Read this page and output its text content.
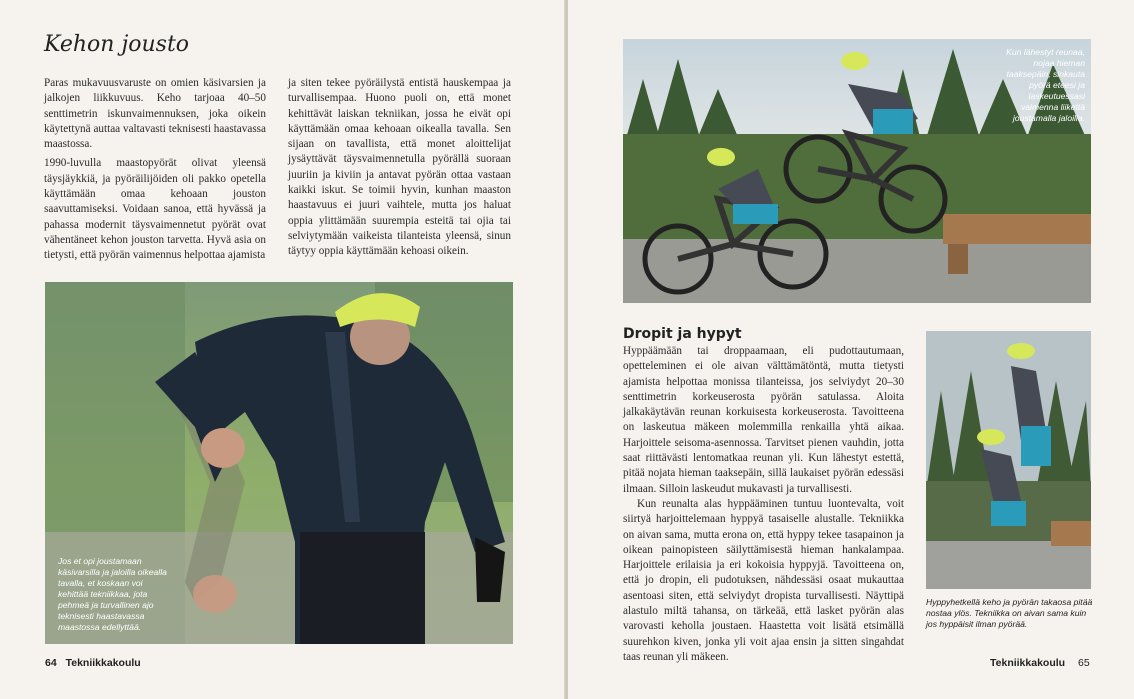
Kehon jousto

Paras mukavuusvaruste on omien käsivarsien ja jalkojen liikkuvuus. Keho tarjoaa 40–50 senttimetrin iskunvaimennuksen, joka oikein käytettynä auttaa valtavasti teknisesti haastavassa maastossa.

1990-luvulla maastopyörät olivat yleensä täysjäykkiä, ja pyöräilijöiden oli pakko opetella käyttämään omaa kehoaan jouston saavuttamiseksi. Voidaan sanoa, että hyvässä ja pahassa modernit täysvaimennetut pyörät ovat vähentäneet kehon jouston tarvetta. Hyvä asia on tietysti, että pyörän vaimennus helpottaa ajamista

ja siten tekee pyöräilystä entistä hauskempaa ja turvallisempaa. Huono puoli on, että monet kehittävät laiskan tekniikan, jossa he eivät opi käyttämään omaa kehoaan oikealla tavalla. Sen sijaan on tavallista, että monet aloittelijat jysäyttävät täysvaimennetulla pyörällä suoraan juuriin ja kiviin ja antavat pyörän ottaa vastaan kaikki iskut. Se toimii hyvin, kunhan maaston haastavuus ei juuri vaihtele, mutta jos haluat oppia ylittämään suurempia esteitä tai ojia tai selviytymään vaikeista tilanteista yleensä, sinun täytyy oppia käyttämään kehoasi oikein.

Jos et opi joustamaan käsivarsilla ja jaloilla oikealla tavalla, et koskaan voi kehittää tekniikkaa, jota pehmeä ja turvallinen ajo teknisesti haastavassa maastossa edellyttää.
64 Tekniikkakoulu
Kun lähestyt reunaa, nojaa hieman taaksepäin, sinkauta pyörä eteesi ja laskeutuessasi vaimenna liikettä joustamalla jaloilla.
Dropit ja hypyt

Hyppäämään tai droppaamaan, eli pudottautumaan, opetteleminen ei ole aivan välttämätöntä, mutta tietysti ajamista helpottaa monissa tilanteissa, jos selviydyt 20–30 senttimetrin korkeuserosta pyörän satulassa. Aloita jalkakäytävän reunan korkuisesta korkeuserosta. Tavoitteena on laskeutua mäkeen molemmilla renkailla yhtä aikaa. Harjoittele seisoma-asennossa. Tarvitset pienen vauhdin, jotta saat riittävästi lentomatkaa reunan yli. Kun lähestyt estettä, pitää nojata hieman taaksepäin, sillä laukaiset pyörän edessäsi ilmaan. Silloin laskeudut mukavasti ja turvallisesti.

Kun reunalta alas hyppääminen tuntuu luontevalta, voit siirtyä harjoittelemaan hyppyä tasaiselle alustalle. Tekniikka on aivan sama, mutta erona on, että hyppy tekee tasapainon ja oikean painopisteen säilyttämisestä hieman hankalampaa. Harjoittele erilaisia ja eri kokoisia hyppyjä. Tavoitteena on, että jo dropin, eli pudotuksen, nähdessäsi osaat mukauttaa asentoasi siten, että selviydyt dropista turvallisesti. Näyttipä alastulo miltä tahansa, on tärkeää, että lasket pyörän alas varovasti keholla joustaen. Haastetta voit lisätä etsimällä suurehkon kiven, jonka yli voit ajaa ensin ja sitten singahdat taas reunan yli mäkeen.

Hyppyhetkellä keho ja pyörän takaosa pitää nostaa ylös. Tekniikka on aivan sama kuin jos hyppäisit ilman pyörää.
Tekniikkakoulu 65
